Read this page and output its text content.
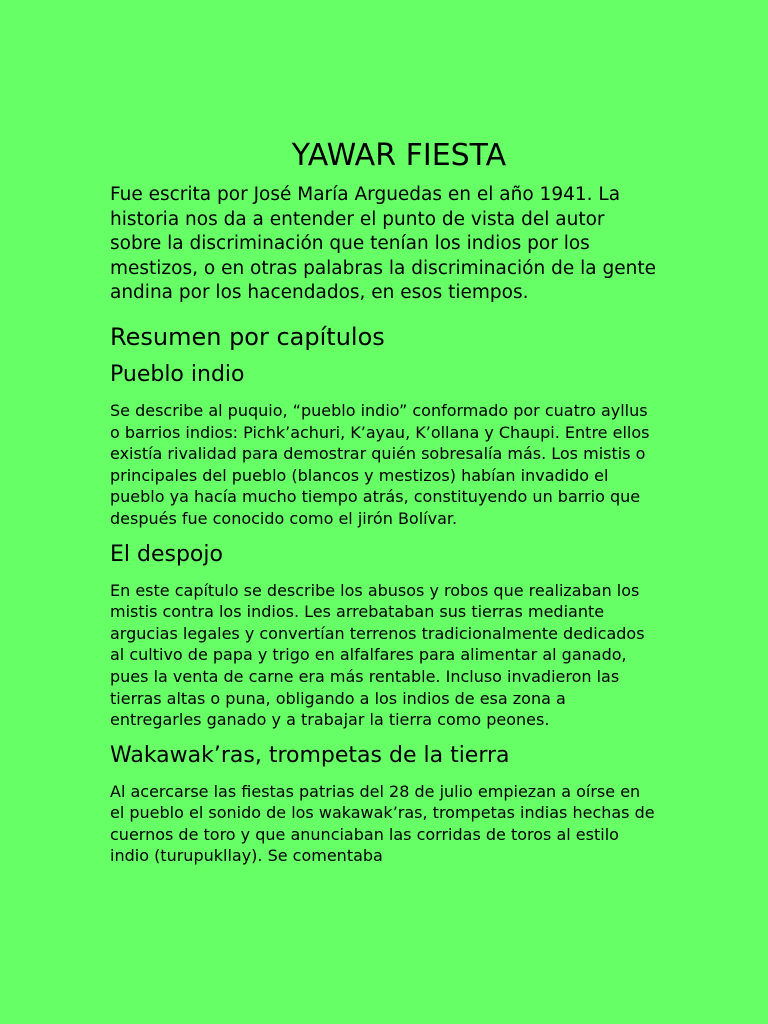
YAWAR FIESTA

Fue escrita por José María Arguedas en el año 1941. La historia nos da a entender el punto de vista del autor sobre la discriminación que tenían los indios por los mestizos, o en otras palabras la discriminación de la gente andina por los hacendados, en esos tiempos.

Resumen por capítulos
Pueblo indio

Se describe al puquio, “pueblo indio” conformado por cuatro ayllus o barrios indios: Pichk’achuri, K’ayau, K’ollana y Chaupi. Entre ellos existía rivalidad para demostrar quién sobresalía más. Los mistis o principales del pueblo (blancos y mestizos) habían invadido el pueblo ya hacía mucho tiempo atrás, constituyendo un barrio que después fue conocido como el jirón Bolívar.

El despojo

En este capítulo se describe los abusos y robos que realizaban los mistis contra los indios. Les arrebataban sus tierras mediante argucias legales y convertían terrenos tradicionalmente dedicados al cultivo de papa y trigo en alfalfares para alimentar al ganado, pues la venta de carne era más rentable. Incluso invadieron las tierras altas o puna, obligando a los indios de esa zona a entregarles ganado y a trabajar la tierra como peones.

Wakawak’ras, trompetas de la tierra

Al acercarse las fiestas patrias del 28 de julio empiezan a oírse en el pueblo el sonido de los wakawak’ras, trompetas indias hechas de cuernos de toro y que anunciaban las corridas de toros al estilo indio (turupukllay). Se comentaba
